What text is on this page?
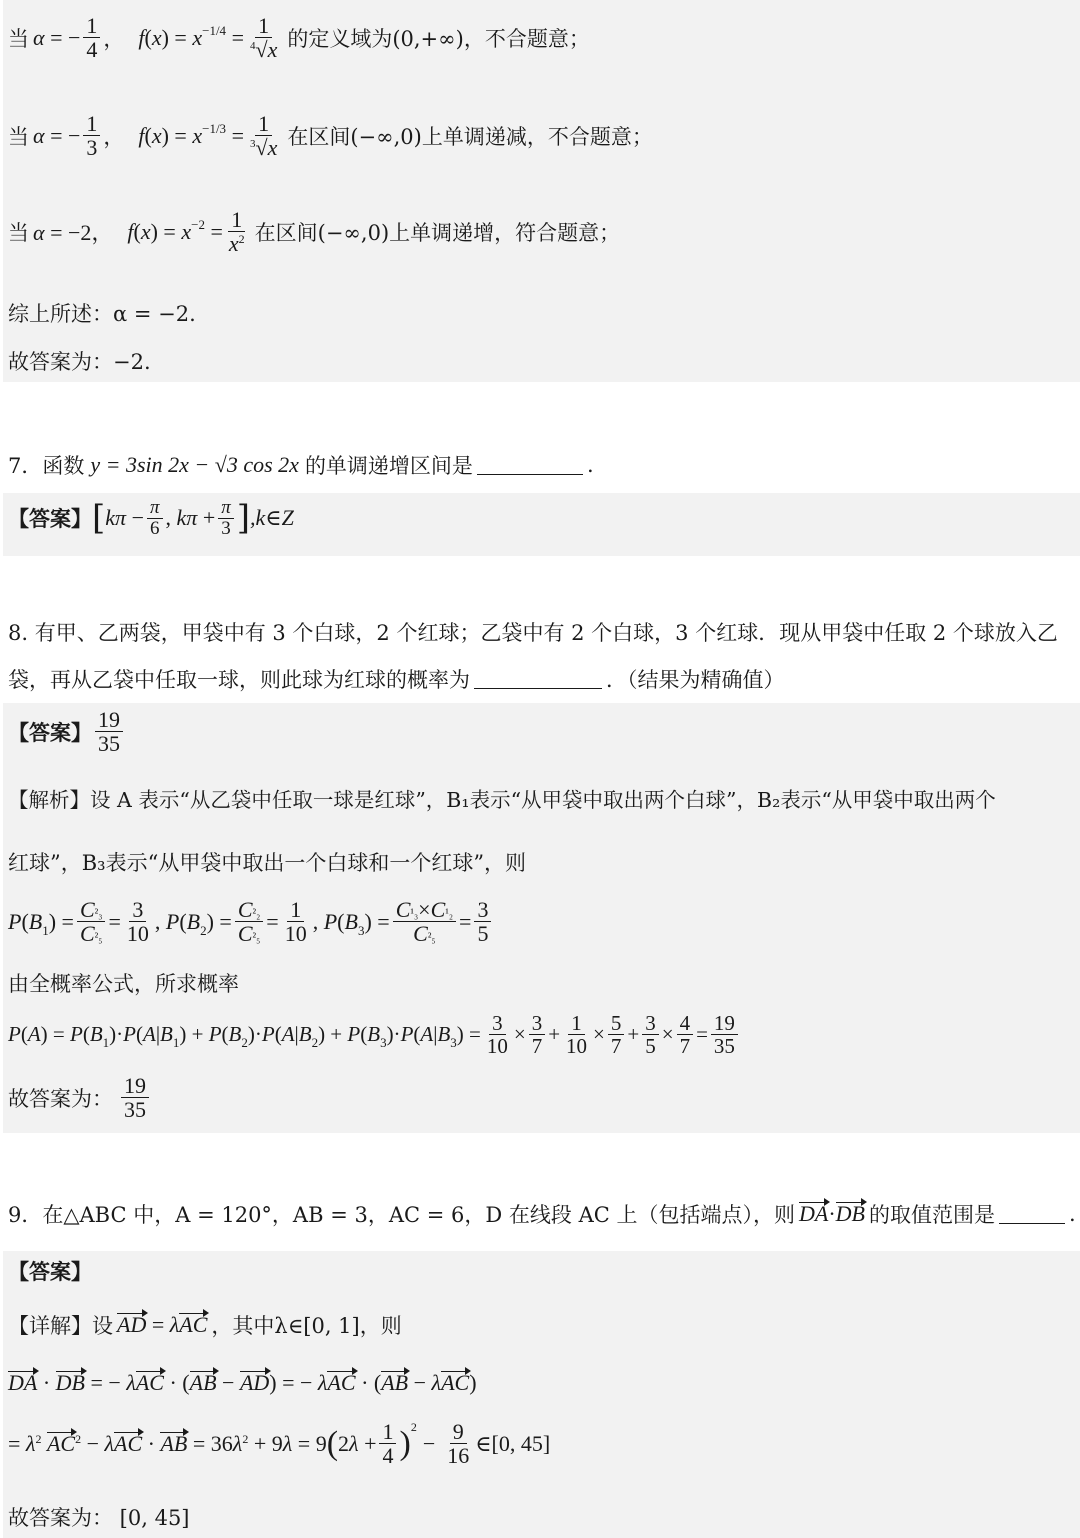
当 α = − $\frac{1}{4}$ ， $f(x) = x^{-1/4} = \frac{1}{^4√x}$ 的定义域为(0,+∞)，不合题意；
当 α = − $\frac{1}{3}$ ， $f(x) = x^{-1/3} = \frac{1}{^3√x}$ 在区间(−∞,0)上单调递减，不合题意；
当 α = −2， $f(x) = x^{-2} = \frac{1}{x^2}$ 在区间(−∞,0)上单调递增，符合题意；
综上所述：α = −2.
故答案为：−2.
7．函数 y = 3sin 2x − √3 cos 2x 的单调递增区间是	.
【答案】 [ $k\pi - \frac{\pi}{6}$ , $k\pi + \frac{\pi}{3}$ ] ,k∈Z
8. 有甲、乙两袋，甲袋中有 3 个白球，2 个红球；乙袋中有 2 个白球，3 个红球．现从甲袋中任取 2 个球放入乙
袋，再从乙袋中任取一球，则此球为红球的概率为	．（结果为精确值）
【答案】 $\frac{19}{35}$
【解析】设 A 表示“从乙袋中任取一球是红球”，B₁表示“从甲袋中取出两个白球”，B₂表示“从甲袋中取出两个
红球”，B₃表示“从甲袋中取出一个白球和一个红球”，则
$P(B_1) = \frac{\text{C²₃}}{\text{C²₅}} = \frac{3}{10}$ , $P(B_2) = \frac{\text{C²₂}}{\text{C²₅}} = \frac{1}{10}$ , $P(B_3) = \frac{\text{C¹₃×C¹₂}}{\text{C²₅}} = \frac{3}{5}$
由全概率公式，所求概率
$P(A) = P(B_1)\cdot P(A|B_1) + P(B_2)\cdot P(A|B_2) + P(B_3)\cdot P(A|B_3) = \frac{3}{10} \times \frac{3}{7} + \frac{1}{10} \times \frac{5}{7} + \frac{3}{5} \times \frac{4}{7} = \frac{19}{35}$
故答案为： $\frac{19}{35}$
9．在△ABC 中，A = 120°，AB = 3，AC = 6，D 在线段 AC 上（包括端点），则 DA·DB 的取值范围是	.
【答案】
【详解】设 AD = λAC ，其中λ∈[0, 1]，则
DA · DB = − λAC · (AB − AD) = − λAC · (AB − λAC)
= $\lambda^2$ $AC^2 - \lambda AC$ · AB = $36\lambda^2 + 9\lambda = 9$ ( $2\lambda + \frac{1}{4}$ ) 2
− $\frac{9}{16}$ ∈[0, 45]
故答案为： [0, 45]
